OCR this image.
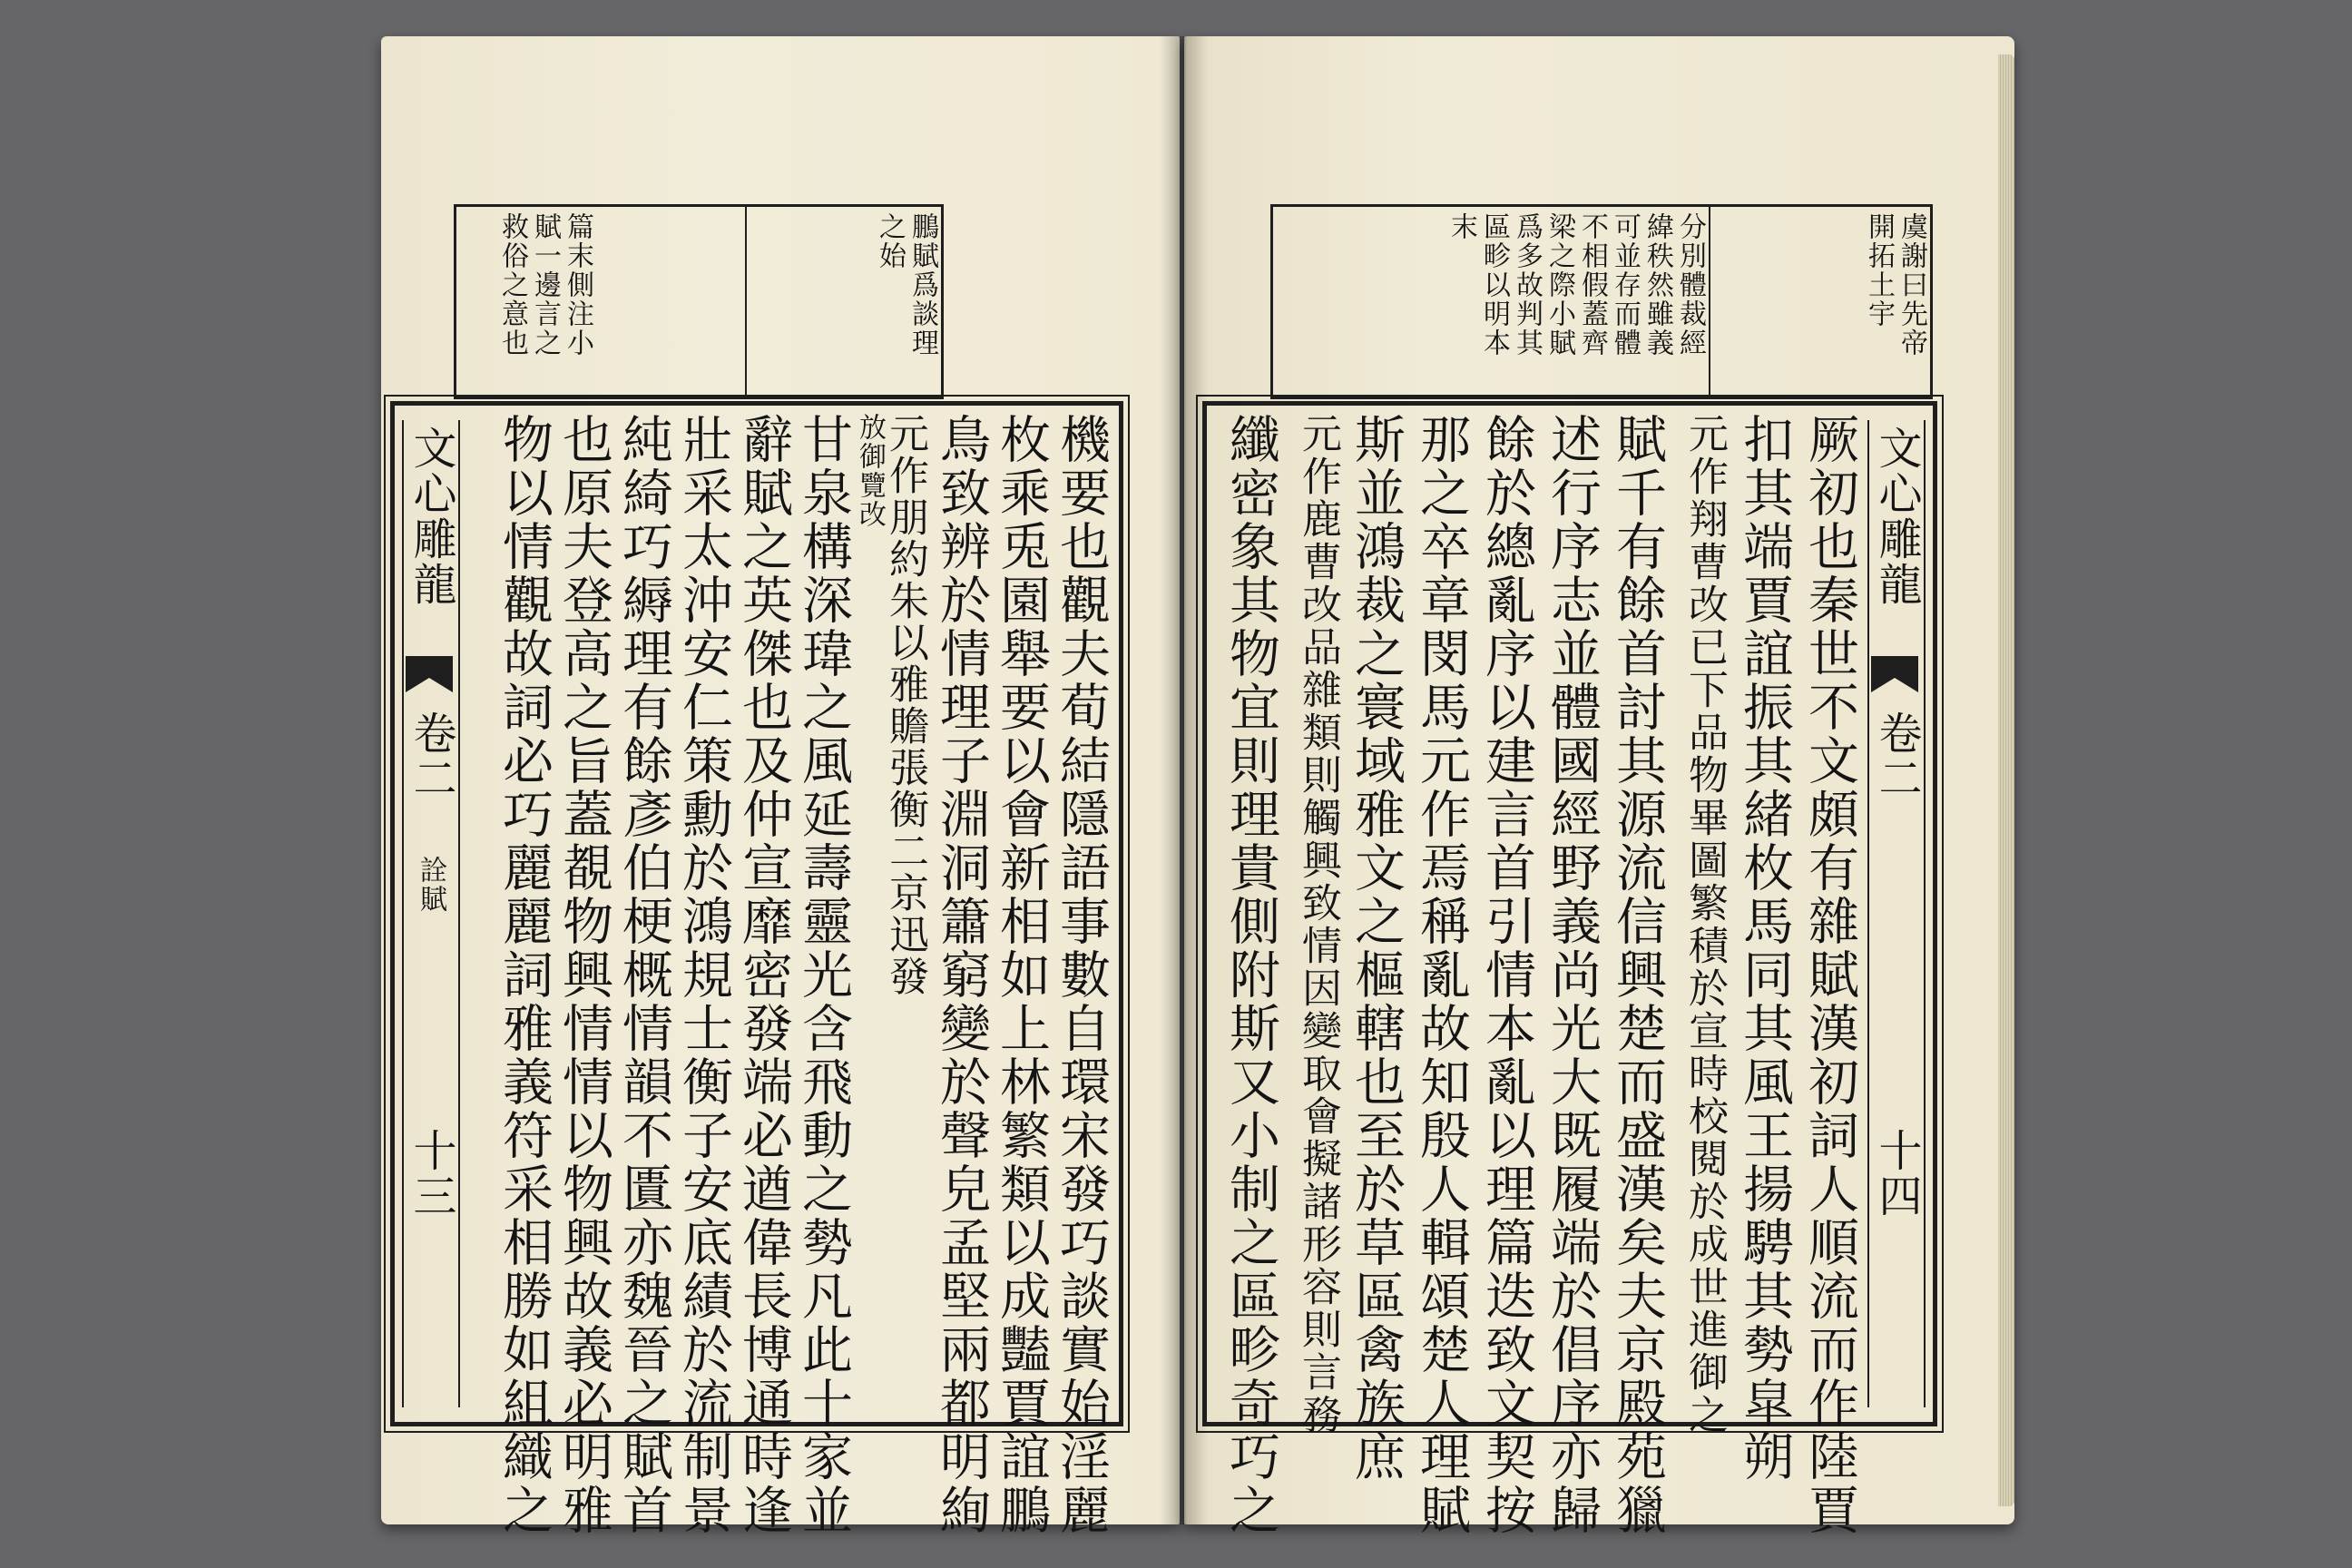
鵬賦爲談理
之始
篇末側注小
賦一邊言之
救俗之意也
機要也觀夫荀結隱語事數自環宋發巧談實始淫麗
枚乘兎園舉要以會新相如上林繁類以成豔賈誼鵬
鳥致辨於情理子淵洞簫窮變於聲皃孟堅兩都明絢
元作朋約朱以雅贍張衡二京迅發
放御覽改
甘泉構深瑋之風延壽靈光含飛動之勢凡此十家並
辭賦之英傑也及仲宣靡密發端必遒偉長博通時逢
壯采太沖安仁策勳於鴻規士衡子安底績於流制景
純綺巧縟理有餘彥伯梗概情韻不匱亦魏晉之賦首
也原夫登高之旨蓋覩物興情情以物興故義必明雅
物以情觀故詞必巧麗麗詞雅義符采相勝如組織之
文心雕龍
卷二
詮賦
十三
虞謝曰先帝
開拓土宇
分別體裁經
緯秩然雖義
可並存而體
不相假蓋齊
梁之際小賦
爲多故判其
區畛以明本
末
文心雕龍
卷二
十四
厥初也秦世不文頗有雜賦漢初詞人順流而作陸賈
扣其端賈誼振其緒枚馬同其風王揚騁其勢皐朔
元作翔曹改已下品物畢圖繁積於宣時校閱於成世進御之
賦千有餘首討其源流信興楚而盛漢矣夫京殿苑獵
述行序志並體國經野義尚光大既履端於倡序亦歸
餘於總亂序以建言首引情本亂以理篇迭致文契按
那之卒章閔馬元作焉稱亂故知殷人輯頌楚人理賦
斯並鴻裁之寰域雅文之樞轄也至於草區禽族庶
元作鹿曹改品雜類則觸興致情因變取會擬諸形容則言務
纖密象其物宜則理貴側附斯又小制之區畛奇巧之
